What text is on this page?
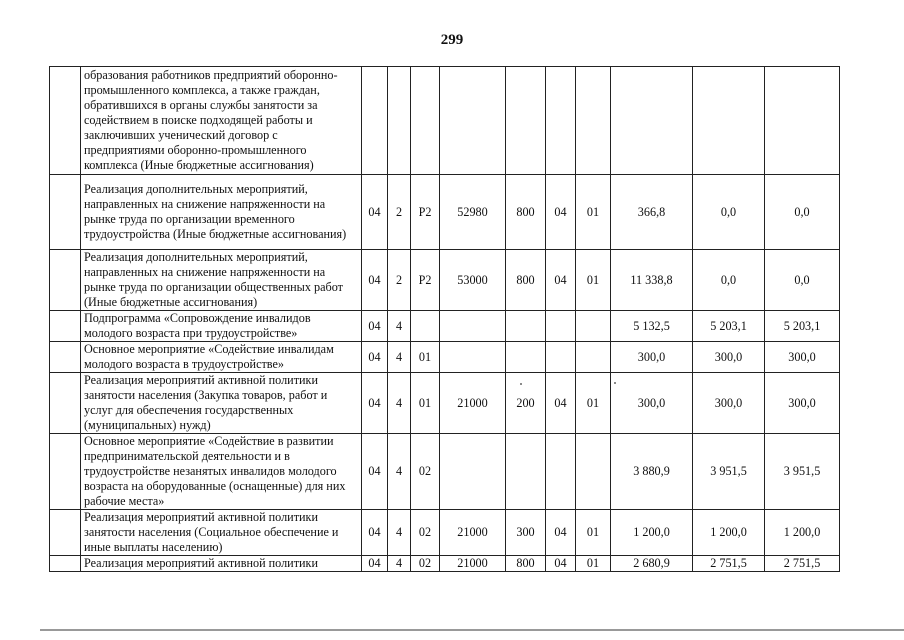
299
	образования работников предприятий оборонно-промышленного комплекса, а также граждан, обратившихся в органы службы занятости за содействием в поиске подходящей работы и заключивших ученический договор с предприятиями оборонно-промышленного комплекса (Иные бюджетные ассигнования)										
	Реализация дополнительных мероприятий, направленных на снижение напряженности на рынке труда по организации временного трудоустройства (Иные бюджетные ассигнования)	04	2	P2	52980	800	04	01	366,8	0,0	0,0
	Реализация дополнительных мероприятий, направленных на снижение напряженности на рынке труда по организации общественных работ (Иные бюджетные ассигнования)	04	2	P2	53000	800	04	01	11 338,8	0,0	0,0
	Подпрограмма «Сопровождение инвалидов молодого возраста при трудоустройстве»	04	4						5 132,5	5 203,1	5 203,1
	Основное мероприятие «Содействие инвалидам молодого возраста в трудоустройстве»	04	4	01					300,0	300,0	300,0
	Реализация мероприятий активной политики занятости населения (Закупка товаров, работ и услуг для обеспечения государственных (муниципальных) нужд)	04	4	01	21000	200	04	01	300,0	300,0	300,0
	Основное мероприятие «Содействие в развитии предпринимательской деятельности и в трудоустройстве незанятых инвалидов молодого возраста на оборудованные (оснащенные) для них рабочие места»	04	4	02					3 880,9	3 951,5	3 951,5
	Реализация мероприятий активной политики занятости населения (Социальное обеспечение и иные выплаты населению)	04	4	02	21000	300	04	01	1 200,0	1 200,0	1 200,0
	Реализация мероприятий активной политики	04	4	02	21000	800	04	01	2 680,9	2 751,5	2 751,5
